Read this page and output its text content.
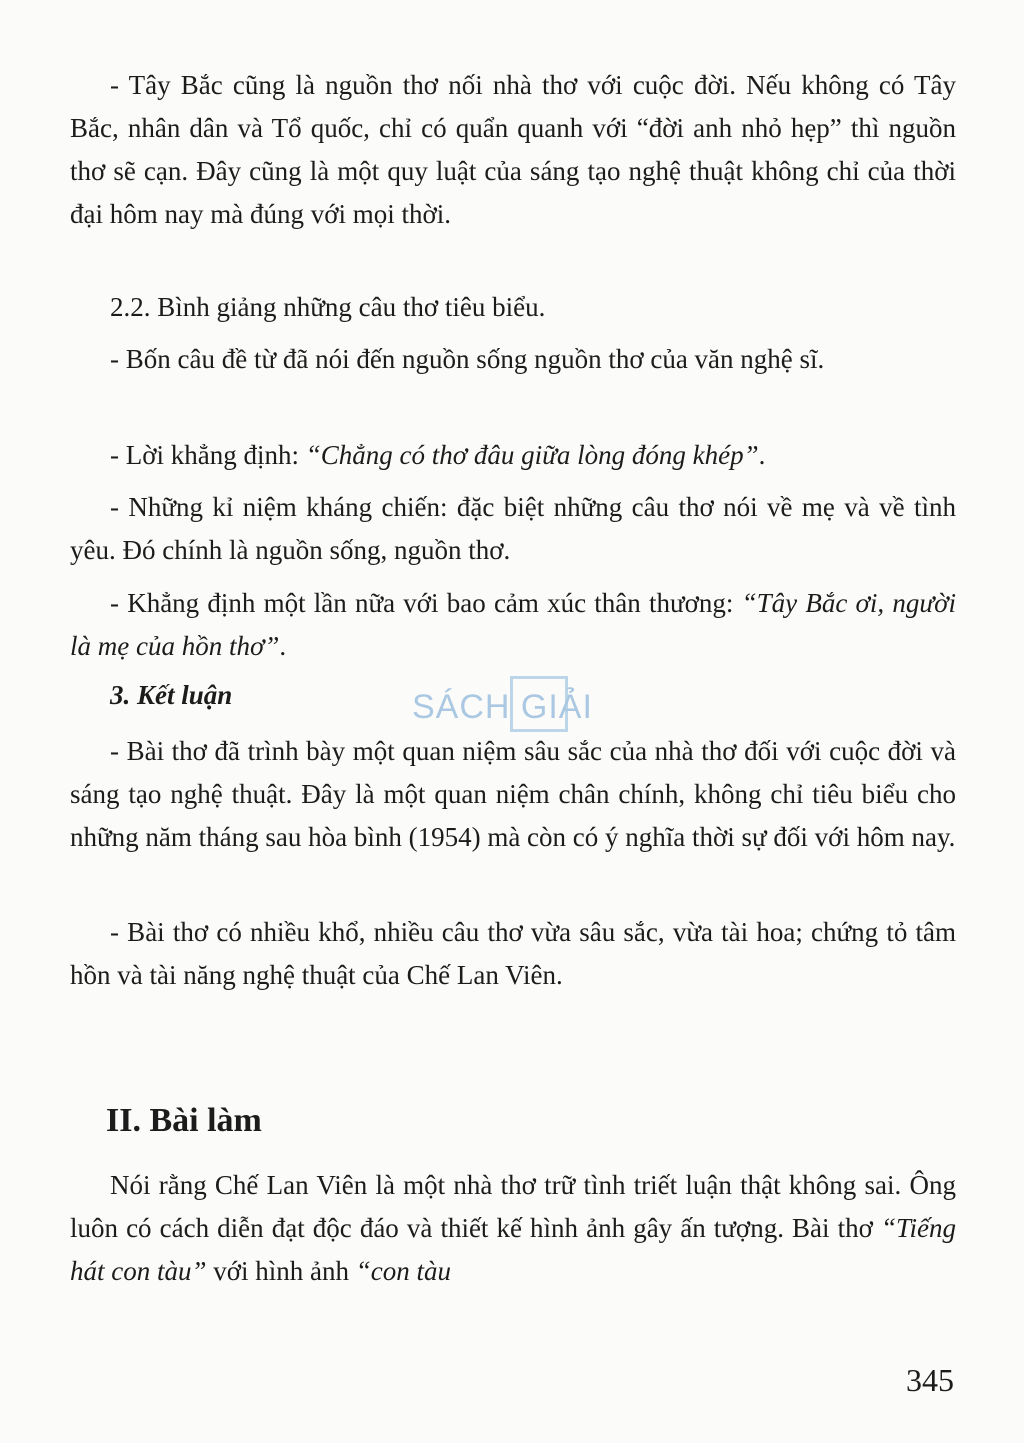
- Tây Bắc cũng là nguồn thơ nối nhà thơ với cuộc đời. Nếu không có Tây Bắc, nhân dân và Tổ quốc, chỉ có quẩn quanh với “đời anh nhỏ hẹp” thì nguồn thơ sẽ cạn. Đây cũng là một quy luật của sáng tạo nghệ thuật không chỉ của thời đại hôm nay mà đúng với mọi thời.

2.2. Bình giảng những câu thơ tiêu biểu.

- Bốn câu đề từ đã nói đến nguồn sống nguồn thơ của văn nghệ sĩ.

- Lời khẳng định: “Chẳng có thơ đâu giữa lòng đóng khép”.

- Những kỉ niệm kháng chiến: đặc biệt những câu thơ nói về mẹ và về tình yêu. Đó chính là nguồn sống, nguồn thơ.

- Khẳng định một lần nữa với bao cảm xúc thân thương: “Tây Bắc ơi, người là mẹ của hồn thơ”.

3. Kết luận	SÁCH GIẢI

- Bài thơ đã trình bày một quan niệm sâu sắc của nhà thơ đối với cuộc đời và sáng tạo nghệ thuật. Đây là một quan niệm chân chính, không chỉ tiêu biểu cho những năm tháng sau hòa bình (1954) mà còn có ý nghĩa thời sự đối với hôm nay.

- Bài thơ có nhiều khổ, nhiều câu thơ vừa sâu sắc, vừa tài hoa; chứng tỏ tâm hồn và tài năng nghệ thuật của Chế Lan Viên.

II. Bài làm

Nói rằng Chế Lan Viên là một nhà thơ trữ tình triết luận thật không sai. Ông luôn có cách diễn đạt độc đáo và thiết kế hình ảnh gây ấn tượng. Bài thơ “Tiếng hát con tàu” với hình ảnh “con tàu

345
